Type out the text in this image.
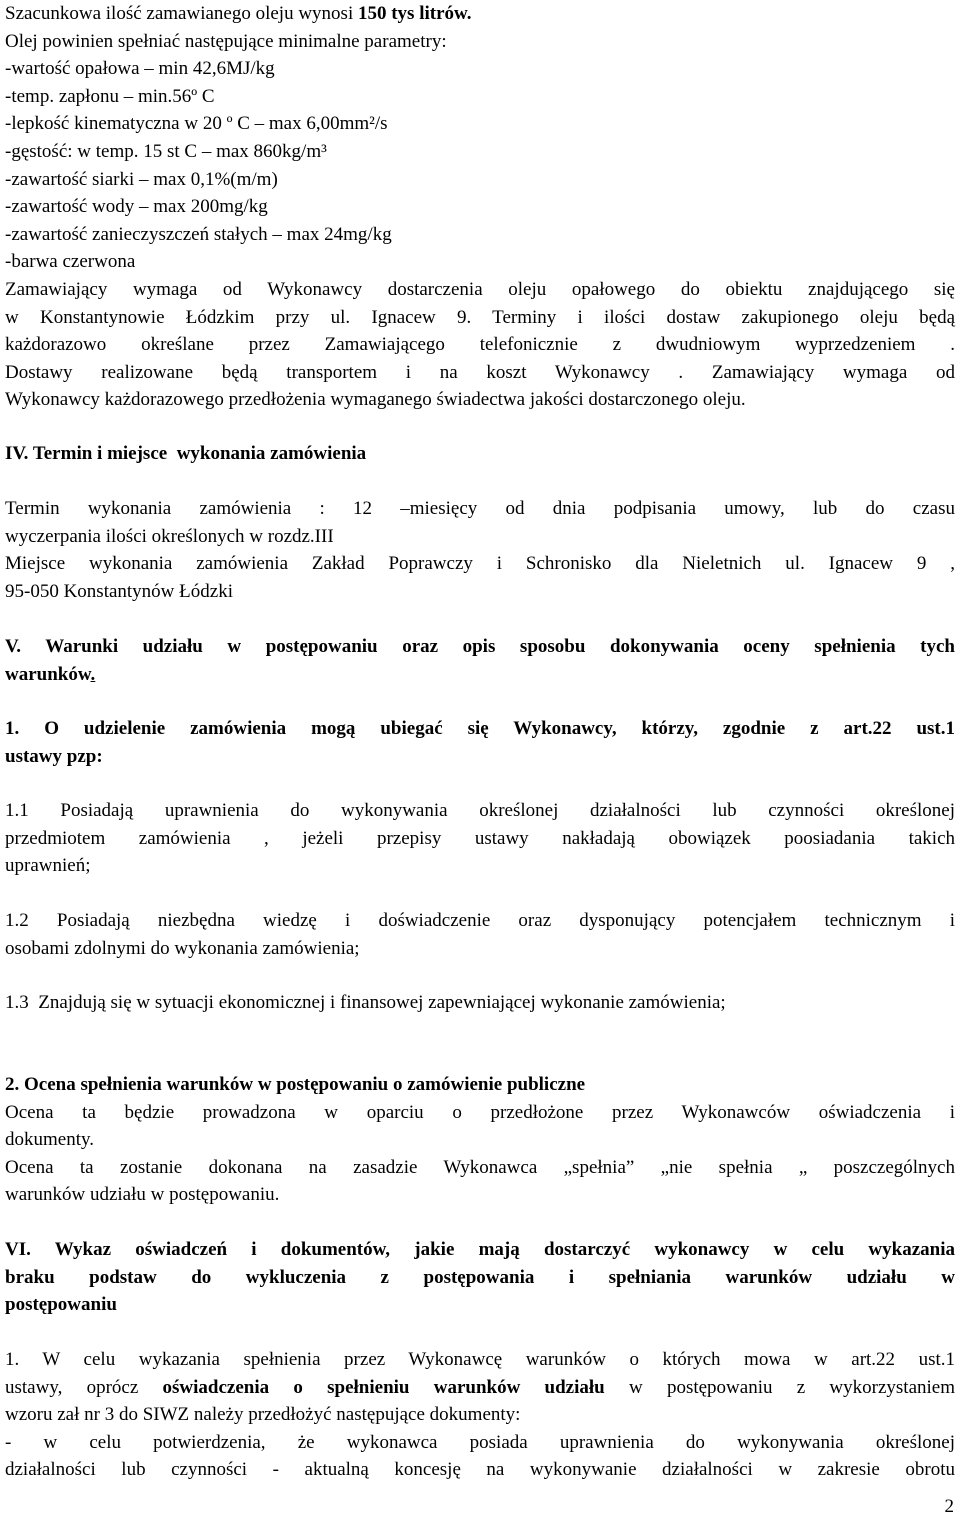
Szacunkowa ilość zamawianego oleju wynosi 150 tys litrów.
Olej powinien spełniać następujące minimalne parametry:
-wartość opałowa – min 42,6MJ/kg
-temp. zapłonu – min.56º C
-lepkość kinematyczna w 20 º C – max 6,00mm²/s
-gęstość: w temp. 15 st C – max 860kg/m³
-zawartość siarki – max 0,1%(m/m)
-zawartość wody – max 200mg/kg
-zawartość zanieczyszczeń stałych – max 24mg/kg
-barwa czerwona
Zamawiający wymaga od Wykonawcy dostarczenia oleju opałowego do obiektu znajdującego się
w Konstantynowie Łódzkim przy ul. Ignacew 9. Terminy i ilości dostaw zakupionego oleju będą
każdorazowo określane przez Zamawiającego telefonicznie z dwudniowym wyprzedzeniem .
Dostawy realizowane będą transportem i na koszt Wykonawcy . Zamawiający wymaga od
Wykonawcy każdorazowego przedłożenia wymaganego świadectwa jakości dostarczonego oleju.
IV. Termin i miejsce  wykonania zamówienia
Termin wykonania zamówienia : 12 –miesięcy od dnia podpisania umowy, lub do czasu
wyczerpania ilości określonych w rozdz.III
Miejsce wykonania zamówienia Zakład Poprawczy i Schronisko dla Nieletnich ul. Ignacew 9 ,
95-050 Konstantynów Łódzki
V. Warunki udziału w postępowaniu oraz opis sposobu dokonywania oceny spełnienia tych
warunków.
1. O udzielenie zamówienia mogą ubiegać się Wykonawcy, którzy, zgodnie z art.22 ust.1
ustawy pzp:
1.1 Posiadają uprawnienia do wykonywania określonej działalności lub czynności określonej
przedmiotem zamówienia , jeżeli przepisy ustawy nakładają obowiązek poosiadania takich
uprawnień;
1.2 Posiadają niezbędna wiedzę i doświadczenie oraz dysponujący potencjałem technicznym i
osobami zdolnymi do wykonania zamówienia;
1.3  Znajdują się w sytuacji ekonomicznej i finansowej zapewniającej wykonanie zamówienia;
2. Ocena spełnienia warunków w postępowaniu o zamówienie publiczne
Ocena ta będzie prowadzona w oparciu o przedłożone przez Wykonawców oświadczenia i
dokumenty.
Ocena ta zostanie dokonana na zasadzie Wykonawca „spełnia” „nie spełnia „ poszczególnych
warunków udziału w postępowaniu.
VI. Wykaz oświadczeń i dokumentów, jakie mają dostarczyć wykonawcy w celu wykazania
braku podstaw do wykluczenia z postępowania i spełniania warunków udziału w
postępowaniu
1. W celu wykazania spełnienia przez Wykonawcę warunków o których mowa w art.22 ust.1
ustawy, oprócz oświadczenia o spełnieniu warunków udziału w postępowaniu z wykorzystaniem
wzoru zał nr 3 do SIWZ należy przedłożyć następujące dokumenty:
- w celu potwierdzenia, że wykonawca posiada uprawnienia do wykonywania określonej
działalności lub czynności - aktualną koncesję na wykonywanie działalności w zakresie obrotu
2
